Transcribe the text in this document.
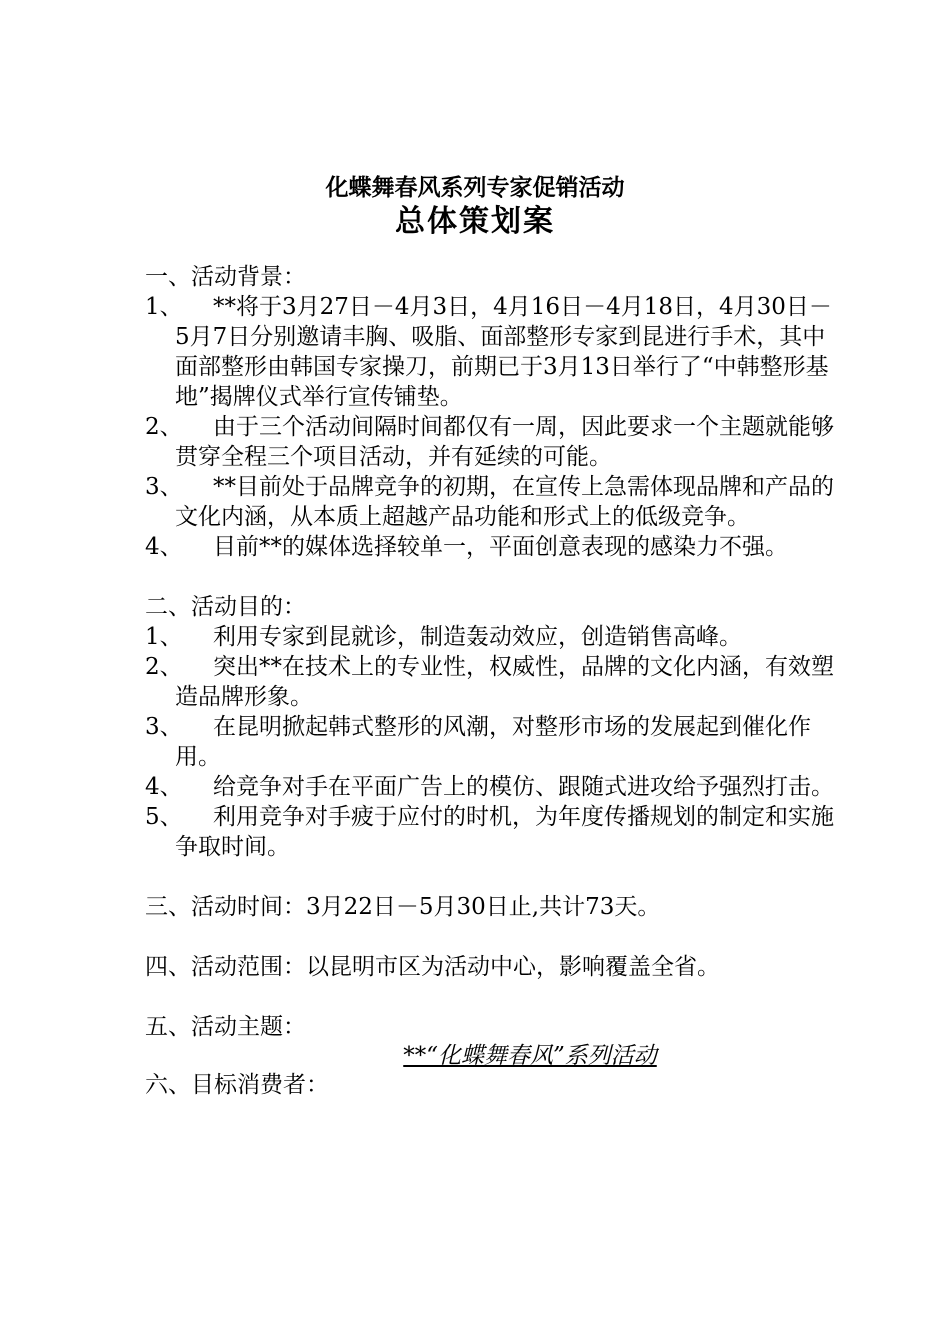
化蝶舞春风系列专家促销活动
总体策划案

一、活动背景：

1、	**将于3月27日－4月3日，4月16日－4月18日，4月30日－5月7日分别邀请丰胸、吸脂、面部整形专家到昆进行手术，其中面部整形由韩国专家操刀，前期已于3月13日举行了“中韩整形基地”揭牌仪式举行宣传铺垫。
2、	由于三个活动间隔时间都仅有一周，因此要求一个主题就能够贯穿全程三个项目活动，并有延续的可能。
3、	**目前处于品牌竞争的初期，在宣传上急需体现品牌和产品的文化内涵，从本质上超越产品功能和形式上的低级竞争。
4、	目前**的媒体选择较单一，平面创意表现的感染力不强。

二、活动目的：

1、	利用专家到昆就诊，制造轰动效应，创造销售高峰。
2、	突出**在技术上的专业性，权威性，品牌的文化内涵，有效塑造品牌形象。
3、	在昆明掀起韩式整形的风潮，对整形市场的发展起到催化作用。
4、	给竞争对手在平面广告上的模仿、跟随式进攻给予强烈打击。
5、	利用竞争对手疲于应付的时机，为年度传播规划的制定和实施争取时间。

三、活动时间：3月22日－5月30日止,共计73天。

四、活动范围：以昆明市区为活动中心，影响覆盖全省。

五、活动主题：

**“化蝶舞春风”系列活动

六、目标消费者：
